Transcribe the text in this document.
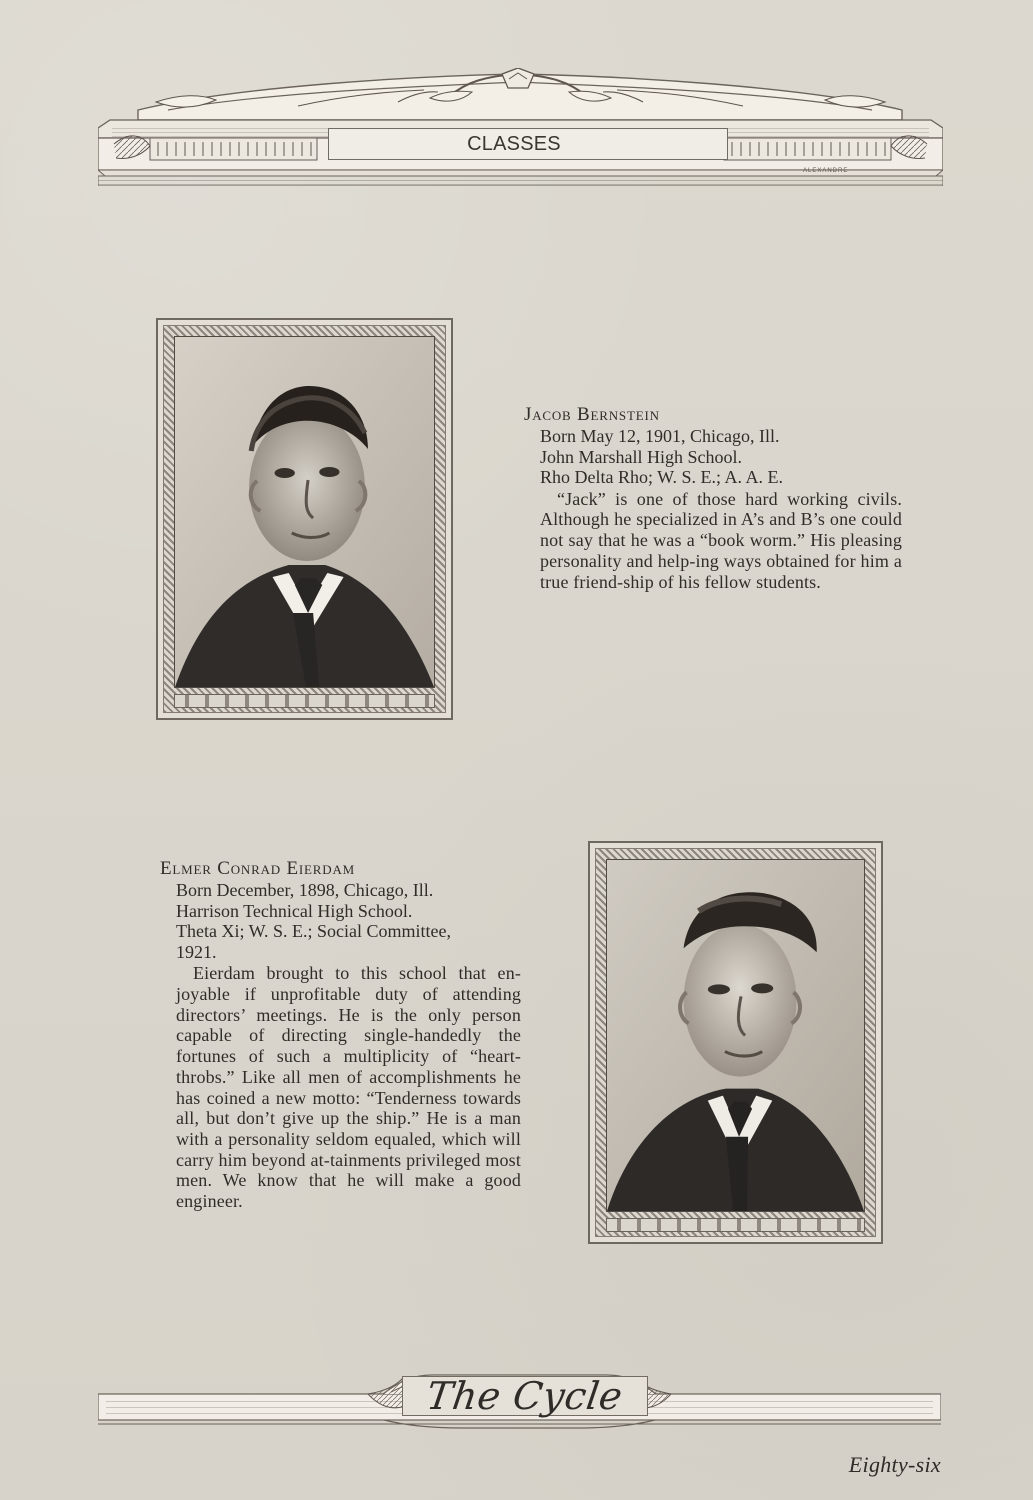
CLASSES
ALEXANDRE
Jacob Bernstein
Born May 12, 1901, Chicago, Ill.
John Marshall High School.
Rho Delta Rho; W. S. E.; A. A. E.
“Jack” is one of those hard working civils. Although he specialized in A’s and B’s one could not say that he was a “book worm.” His pleasing personality and help-ing ways obtained for him a true friend-ship of his fellow students.
Elmer Conrad Eierdam
Born December, 1898, Chicago, Ill.
Harrison Technical High School.
Theta Xi; W. S. E.; Social Committee,
1921.
Eierdam brought to this school that en-joyable if unprofitable duty of attending directors’ meetings. He is the only person capable of directing single-handedly the fortunes of such a multiplicity of “heart-throbs.” Like all men of accomplishments he has coined a new motto: “Tenderness towards all, but don’t give up the ship.” He is a man with a personality seldom equaled, which will carry him beyond at-tainments privileged most men. We know that he will make a good engineer.
The Cycle
Eighty-six
